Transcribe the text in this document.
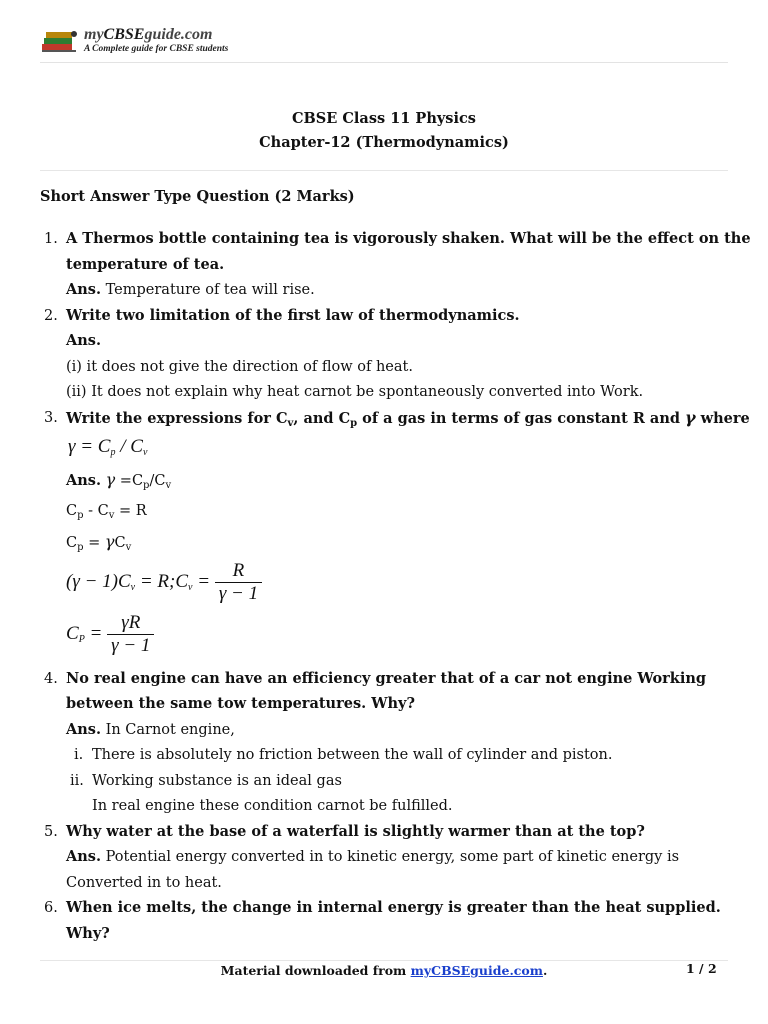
myCBSEguide.com
A Complete guide for CBSE students
CBSE Class 11 Physics
Chapter-12 (Thermodynamics)
Short Answer Type Question (2 Marks)
1. A Thermos bottle containing tea is vigorously shaken. What will be the effect on the
temperature of tea.
Ans. Temperature of tea will rise.
2. Write two limitation of the first law of thermodynamics.
Ans.
(i) it does not give the direction of flow of heat.
(ii) It does not explain why heat carnot be spontaneously converted into Work.
3. Write the expressions for $C_v$, and $C_p$ of a gas in terms of gas constant R and γ where
$\gamma = C_p / C_v$
Ans. $\gamma =C_p/C_v$
$C_p - C_v = R$
$C_p = \gamma C_v$
$(\gamma - 1)C_v$ = $R;C_v = \frac{R}{\gamma - 1}$
$C_P = \frac{\gamma R}{\gamma - 1}$
4. No real engine can have an efficiency greater that of a car not engine Working
between the same tow temperatures. Why?
Ans. In Carnot engine,
i. There is absolutely no friction between the wall of cylinder and piston.
ii. Working substance is an ideal gas
In real engine these condition carnot be fulfilled.
5. Why water at the base of a waterfall is slightly warmer than at the top?
Ans. Potential energy converted in to kinetic energy, some part of kinetic energy is
Converted in to heat.
6. When ice melts, the change in internal energy is greater than the heat supplied.
Why?
Material downloaded from myCBSEguide.com.	1 / 2
